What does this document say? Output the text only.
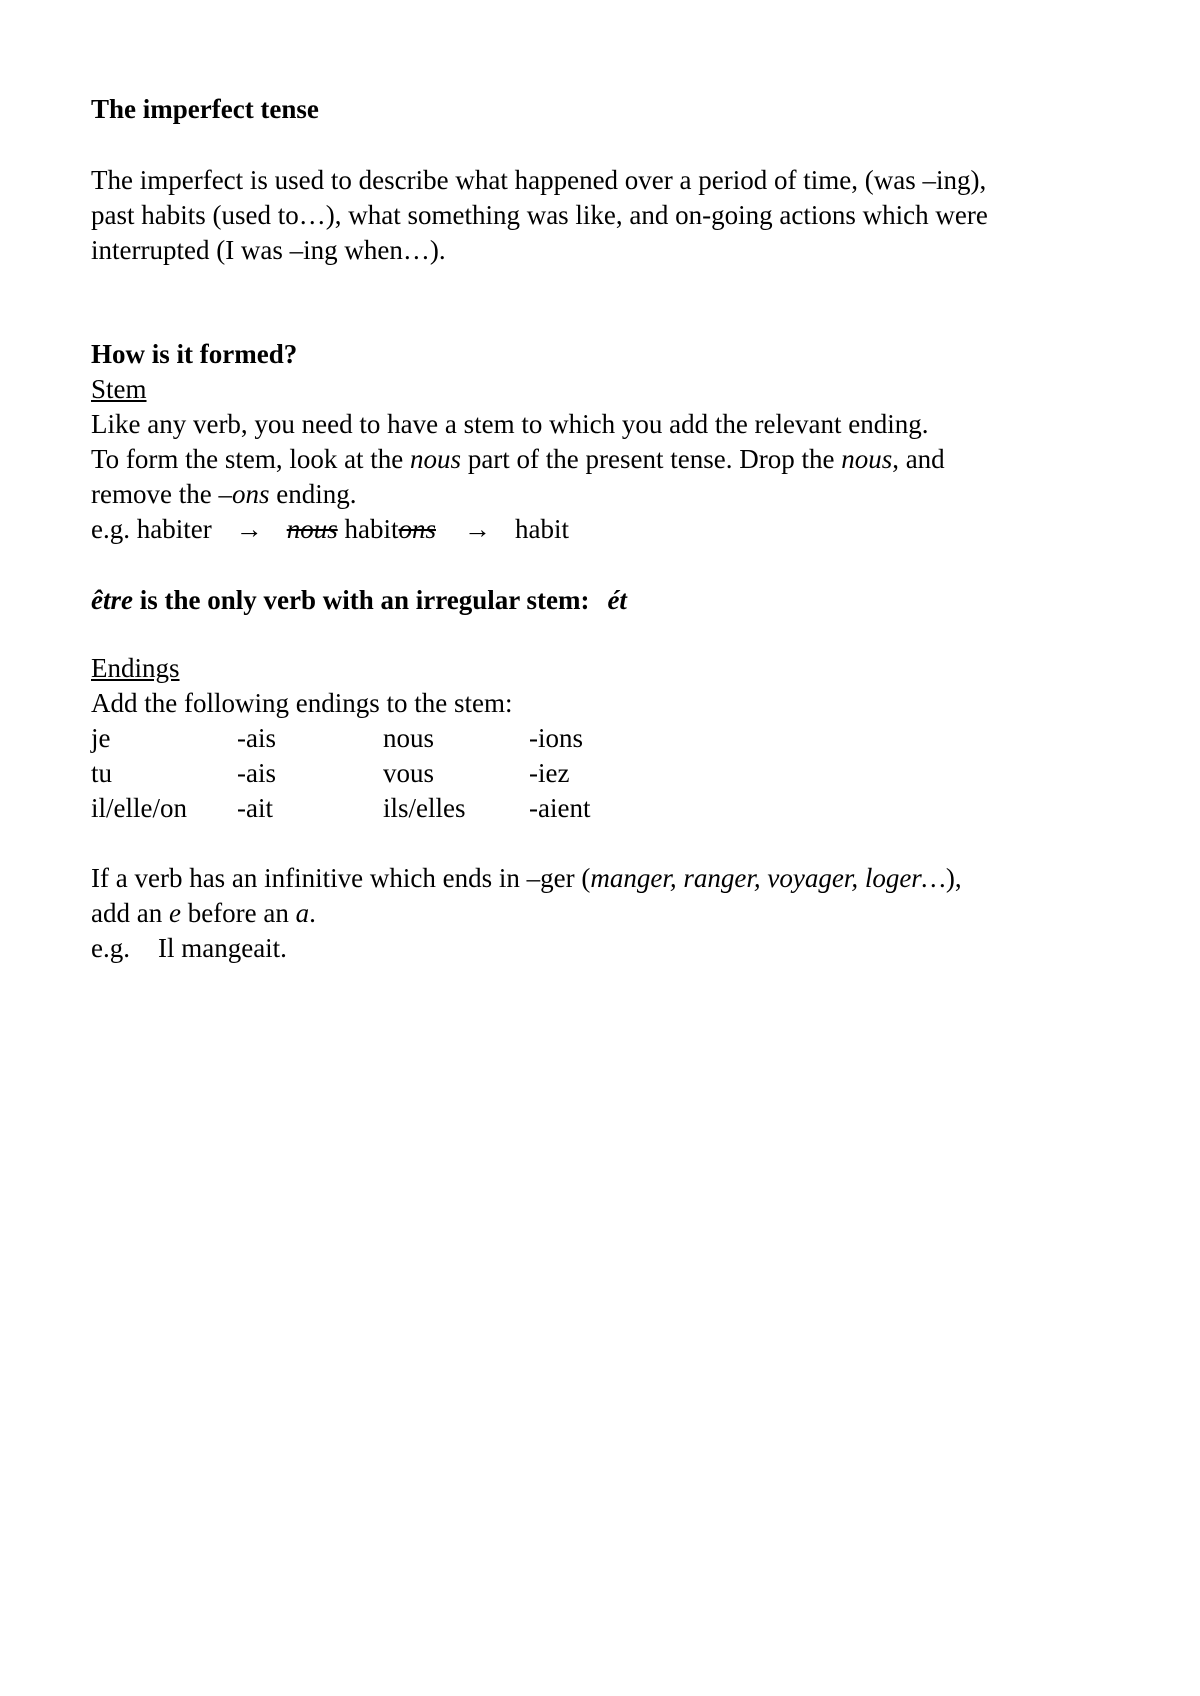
The imperfect tense
The imperfect is used to describe what happened over a period of time, (was –ing),
past habits (used to…), what something was like, and on-going actions which were
interrupted (I was –ing when…).
How is it formed?
Stem
Like any verb, you need to have a stem to which you add the relevant ending.
To form the stem, look at the nous part of the present tense. Drop the nous, and
remove the –ons ending.
e.g. habiter → nous habitons → habit
être is the only verb with an irregular stem: ét
Endings
Add the following endings to the stem:
je	-ais	nous	-ions
tu	-ais	vous	-iez
il/elle/on -ait	ils/elles -aient
If a verb has an infinitive which ends in –ger (manger, ranger, voyager, loger…),
add an e before an a.
e.g. Il mangeait.
